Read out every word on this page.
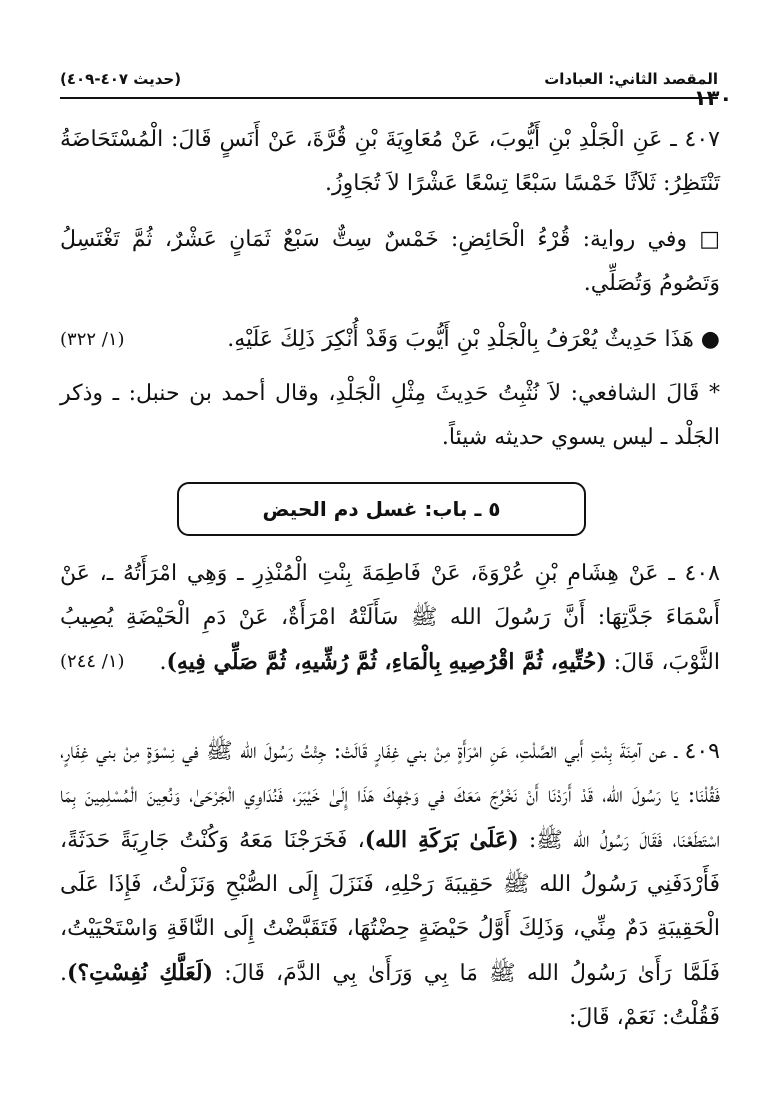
المقصد الثاني: العبادات
(حديث ٤٠٧-٤٠٩)
١٣٠
٤٠٧ ـ عَنِ الْجَلْدِ بْنِ أَيُّوبَ، عَنْ مُعَاوِيَةَ بْنِ قُرَّةَ، عَنْ أَنَسٍ قَالَ: الْمُسْتَحَاضَةُ تَنْتَظِرُ: ثَلاَثًا خَمْسًا سَبْعًا تِسْعًا عَشْرًا لاَ تُجَاوِزُ.
□ وفي رواية: قُرْءُ الْحَائِضِ: خَمْسٌ سِتٌّ سَبْعٌ ثَمَانٍ عَشْرٌ، ثُمَّ تَغْتَسِلُ وَتَصُومُ وَتُصَلِّي.
● هَذَا حَدِيثٌ يُعْرَفُ بِالْجَلْدِ بْنِ أَيُّوبَ وَقَدْ أُنْكِرَ ذَلِكَ عَلَيْهِ.
(١/ ٣٢٢)
* قَالَ الشافعي: لاَ نُثْبِتُ حَدِيثَ مِثْلِ الْجَلْدِ، وقال أحمد بن حنبل: ـ وذكر الجَلْد ـ ليس يسوي حديثه شيئاً.
٥ ـ باب: غسل دم الحيض
٤٠٨ ـ عَنْ هِشَامِ بْنِ عُرْوَةَ، عَنْ فَاطِمَةَ بِنْتِ الْمُنْذِرِ ـ وَهِي امْرَأَتُهُ ـ، عَنْ أَسْمَاءَ جَدَّتِهَا: أَنَّ رَسُولَ الله ﷺ سَأَلَتْهُ امْرَأَةٌ، عَنْ دَمِ الْحَيْضَةِ يُصِيبُ الثَّوْبَ، قَالَ: (حُتِّيهِ، ثُمَّ اقْرُصِيهِ بِالْمَاءِ، ثُمَّ رُشِّيهِ، ثُمَّ صَلِّي فِيهِ).
(١/ ٢٤٤)
٤٠٩ ـ عن آمِنَةَ بِنْتِ أَبي الصَّلْتِ، عَنِ امْرَأَةٍ مِنْ بني غِفَارٍ قَالَتْ: جِئْتُ رَسُولَ الله ﷺ في نِسْوَةٍ مِنْ بني غِفَارٍ، فَقُلْنَا: يَا رَسُولَ الله، قَدْ أَرَدْنَا أَنْ نَخْرُجَ مَعَكَ في وَجْهِكَ هَذَا إِلَىٰ خَيْبَرَ، فَنُدَاوِي الْجَرْحَىٰ، وَنُعِينَ الْمُسْلِمِينَ بِمَا اسْتَطَعْنَا، فَقَالَ رَسُولُ الله ﷺ: (عَلَىٰ بَرَكَةِ الله)، فَخَرَجْنَا مَعَهُ وَكُنْتُ جَارِيَةً حَدَثَةً، فَأَرْدَفَنِي رَسُولُ الله ﷺ حَقِيبَةَ رَحْلِهِ، فَنَزَلَ إِلَى الصُّبْحِ وَنَزَلْتُ، فَإِذَا عَلَى الْحَقِيبَةِ دَمٌ مِنِّي، وَذَلِكَ أَوَّلُ حَيْضَةٍ حِضْتُهَا، فَتَقَبَّضْتُ إِلَى النَّاقَةِ وَاسْتَحْيَيْتُ، فَلَمَّا رَأَىٰ رَسُولُ الله ﷺ مَا بِي وَرَأَىٰ بِي الدَّمَ، قَالَ: (لَعَلَّكِ نُفِسْتِ؟). فَقُلْتُ: نَعَمْ، قَالَ:
